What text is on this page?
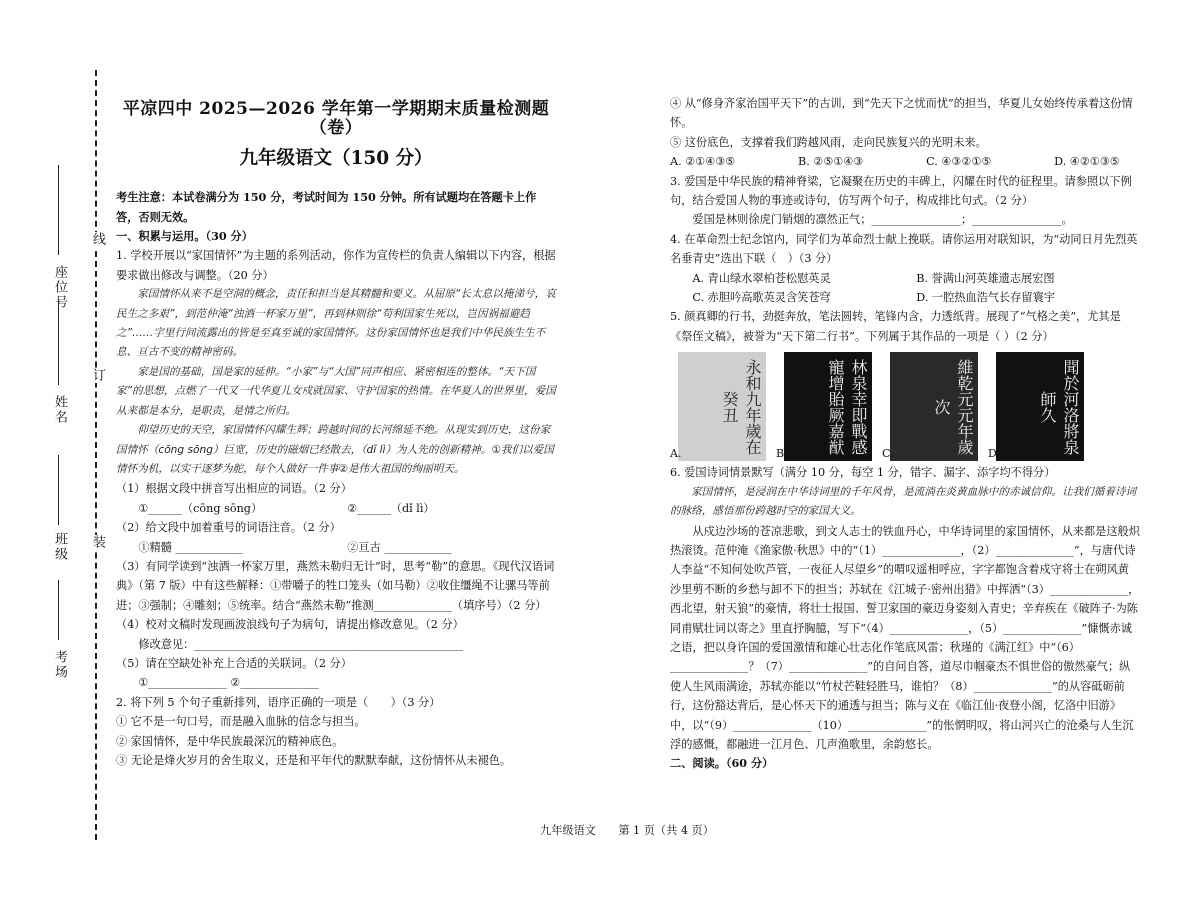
座位号
线
姓名
订
班级 装
考场
平凉四中 2025—2026 学年第一学期期末质量检测题（卷）
九年级语文（150 分）

考生注意：本试卷满分为 150 分，考试时间为 150 分钟。所有试题均在答题卡上作答，否则无效。

一、积累与运用。（30 分）

1. 学校开展以“家国情怀”为主题的系列活动，你作为宣传栏的负责人编辑以下内容，根据要求做出修改与调整。（20 分）

家国情怀从来不是空洞的概念，责任和担当是其精髓和要义。从屈原“长太息以掩涕兮，哀民生之多艰”，到范仲淹“浊酒一杯家万里”，再到林则徐“苟利国家生死以，岂因祸福避趋之”……字里行间流露出的皆是至真至诚的家国情怀。这份家国情怀也是我们中华民族生生不息、亘古不变的精神密码。

家是国的基础，国是家的延伸。“小家”与“大国”同声相应、紧密相连的整体。“天下国家”的思想，点燃了一代又一代华夏儿女戍就国家、守护国家的热情。在华夏人的世界里，爱国从来都是本分，是职责，是情之所归。

仰望历史的天空，家国情怀闪耀生辉；跨越时间的长河绵延不绝。从现实到历史，这份家国情怀（cōng sōng）巨宽，历史的磁烟已经散去，（dǐ lì）为人先的创新精神。①我们以爱国情怀为机，以实干逐梦为舵，每个人做好一件事②是伟大祖国的绚丽明天。

（1）根据文段中拼音写出相应的词语。（2 分）

①______（cōng sōng）	②______（dǐ lì）

（2）给文段中加着重号的词语注音。（2 分）

①精髓 ____________	②亘古 ____________

（3）有同学读到“浊酒一杯家万里，燕然未勒归无计”时，思考“勒”的意思。《现代汉语词典》（第 7 版）中有这些解释：①带嚼子的牲口笼头（如马勒）②收住缰绳不让骡马等前进；③强制；④雕刻；⑤统率。结合“燕然未勒”推测______________（填序号）（2 分）

（4）校对文稿时发现画波浪线句子为病句，请提出修改意见。（2 分）

修改意见：________________________________________________

（5）请在空缺处补充上合适的关联词。（2 分）

①______________ ②______________

2. 将下列 5 个句子重新排列，语序正确的一项是（　　）（3 分）

① 它不是一句口号，而是融入血脉的信念与担当。

② 家国情怀，是中华民族最深沉的精神底色。

③ 无论是烽火岁月的舍生取义，还是和平年代的默默奉献，这份情怀从未褪色。

④ 从“修身齐家治国平天下”的古训，到“先天下之忧而忧”的担当，华夏儿女始终传承着这份情怀。

⑤ 这份底色，支撑着我们跨越风雨，走向民族复兴的光明未来。

A. ②①④③⑤	B. ②⑤①④③	C. ④③②①⑤	D. ④②①③⑤

3. 爱国是中华民族的精神脊梁，它凝聚在历史的丰碑上，闪耀在时代的征程里。请参照以下例句，结合爱国人物的事迹或诗句，仿写两个句子，构成排比句式。（2 分）

爱国是林则徐虎门销烟的凛然正气；________________；________________。

4. 在革命烈士纪念馆内，同学们为革命烈士献上挽联。请你运用对联知识，为“动同日月先烈英名垂青史”选出下联（　）（3 分）

A. 青山绿水翠柏苍松慰英灵	B. 誉满山河英雄遗志展宏图
C. 赤胆吟高歌英灵含笑苍穹	D. 一腔热血浩气长存留寰宇

5. 颜真卿的行书，劲挺奔放，笔法圆转，笔锋内含，力透纸背。展现了“气格之美”，尤其是《祭侄文稿》，被誉为“天下第二行书”。下列属于其作品的一项是（ ）（2 分）

永和九年歲在癸丑
A.	林泉幸即戰感寵增貽厥嘉猷
B.	維乾元元年歲次
C.	聞於河洛將泉師久
D.

6. 爱国诗词情景默写（满分 10 分，每空 1 分，错字、漏字、添字均不得分）

家国情怀，是浸润在中华诗词里的千年风骨，是流淌在炎黄血脉中的赤诚信仰。让我们循着诗词的脉络，感悟那份跨越时空的家国大义。

从戍边沙场的苍凉悲歌，到文人志士的铁血丹心，中华诗词里的家国情怀，从来都是这般炽热滚烫。范仲淹《渔家傲·秋思》中的“（1）______________，（2）______________”，与唐代诗人李益“不知何处吹芦管，一夜征人尽望乡”的喟叹遥相呼应，字字都饱含着戍守将士在朔风黄沙里剪不断的乡愁与卸不下的担当；苏轼在《江城子·密州出猎》中挥洒“（3）______________，西北望，射天狼”的豪情，将壮士报国、誓卫家国的豪迈身姿刻入青史；辛弃疾在《破阵子·为陈同甫赋壮词以寄之》里直抒胸臆，写下“（4）______________，（5）______________”慷慨赤诚之语，把以身许国的爱国激情和雄心壮志化作笔底风雷；秋瑾的《满江红》中“（6）______________？（7）______________”的自问自答，道尽巾帼豪杰不惧世俗的傲然豪气；纵使人生风雨满途，苏轼亦能以“竹杖芒鞋轻胜马，谁怕？（8）______________”的从容砥砺前行，这份豁达背后，是心怀天下的通透与担当；陈与义在《临江仙·夜登小阁，忆洛中旧游》中，以“（9）______________（10）______________”的怅惘明叹，将山河兴亡的沧桑与人生沉浮的感慨，都融进一江月色、几声渔歌里，余韵悠长。

二、阅读。（60 分）

九年级语文　　第 1 页（共 4 页）
